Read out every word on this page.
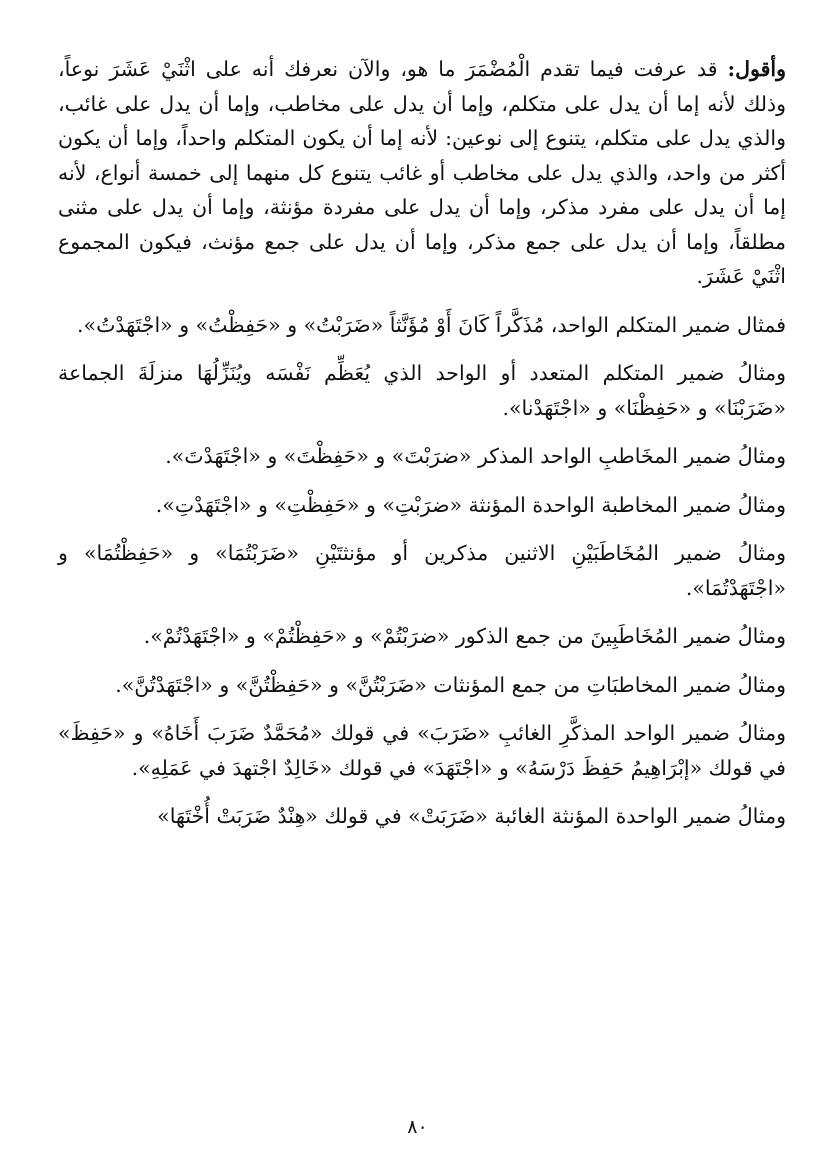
وأقول: قد عرفت فيما تقدم الْمُضْمَرَ ما هو، والآن نعرفك أنه على اثْنَيْ عَشَرَ نوعاً، وذلك لأنه إما أن يدل على متكلم، وإما أن يدل على مخاطب، وإما أن يدل على غائب، والذي يدل على متكلم، يتنوع إلى نوعين: لأنه إما أن يكون المتكلم واحداً، وإما أن يكون أكثر من واحد، والذي يدل على مخاطب أو غائب يتنوع كل منهما إلى خمسة أنواع، لأنه إما أن يدل على مفرد مذكر، وإما أن يدل على مفردة مؤنثة، وإما أن يدل على مثنى مطلقاً، وإما أن يدل على جمع مذكر، وإما أن يدل على جمع مؤنث، فيكون المجموع اثْنَيْ عَشَرَ.

فمثال ضمير المتكلم الواحد، مُذَكَّراً كَانَ أَوْ مُؤَنَّثاً «ضَرَبْتُ» و «حَفِظْتُ» و «اجْتَهَدْتُ».

ومثالُ ضمير المتكلم المتعدد أو الواحد الذي يُعَظِّم نَفْسَه ويُنَزِّلُهَا منزلَةَ الجماعة «ضَرَبْنَا» و «حَفِظْنَا» و «اجْتَهَدْنا».

ومثالُ ضمير المخَاطبِ الواحد المذكر «ضرَبْتَ» و «حَفِظْتَ» و «اجْتَهَدْتَ».

ومثالُ ضمير المخاطبة الواحدة المؤنثة «ضرَبْتِ» و «حَفِظْتِ» و «اجْتَهَدْتِ».

ومثالُ ضمير المُخَاطَبَيْنِ الاثنين مذكرين أو مؤنثتَيْنِ «ضَرَبْتُمَا» و «حَفِظْتُمَا» و «اجْتَهَدْتُمَا».

ومثالُ ضمير المُخَاطَبِينَ من جمع الذكور «ضرَبْتُمْ» و «حَفِظْتُمْ» و «اجْتَهَدْتُمْ».

ومثالُ ضمير المخاطبَاتِ من جمع المؤنثات «ضَرَبْتُنَّ» و «حَفِظْتُنَّ» و «اجْتَهَدْتُنَّ».

ومثالُ ضمير الواحد المذكَّرِ الغائبِ «ضَرَبَ» في قولك «مُحَمَّدٌ ضَرَبَ أَخَاهُ» و «حَفِظَ» في قولك «إبْرَاهِيمُ حَفِظَ دَرْسَهُ» و «اجْتَهَدَ» في قولك «خَالِدٌ اجْتهدَ في عَمَلِهِ».

ومثالُ ضمير الواحدة المؤنثة الغائبة «ضَرَبَتْ» في قولك «هِنْدٌ ضَرَبَتْ أُخْتَهَا»

٨٠
